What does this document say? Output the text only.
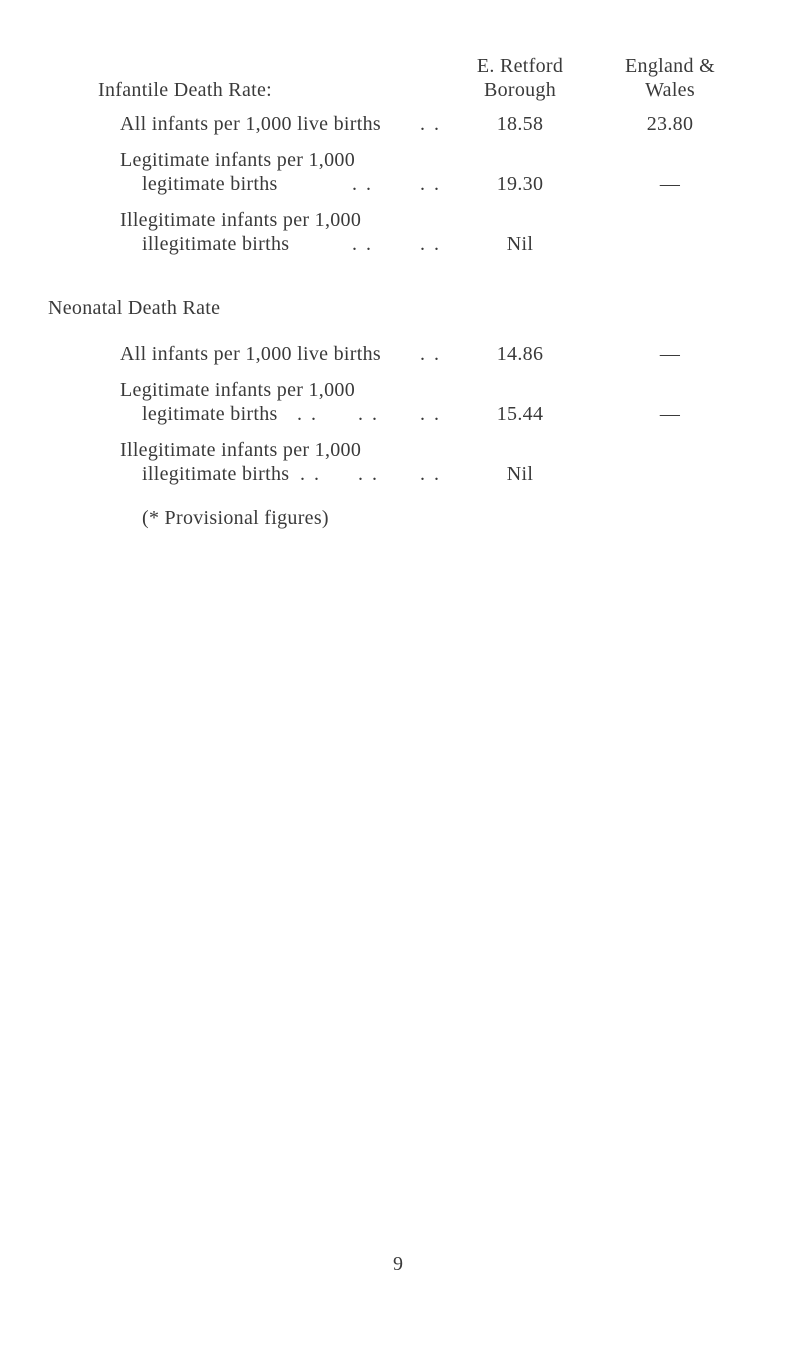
E. Retford
Borough
England &
Wales
Infantile Death Rate:
All infants per 1,000 live births . .	18.58	23.80
Legitimate infants per 1,000
legitimate births	. . . .	19.30	—
Illegitimate infants per 1,000
illegitimate births	. . . .	Nil
Neonatal Death Rate
All infants per 1,000 live births . .	14.86	—
Legitimate infants per 1,000
legitimate births . . . . . .	15.44	—
Illegitimate infants per 1,000
illegitimate births . . . . . .	Nil
(* Provisional figures)
9
